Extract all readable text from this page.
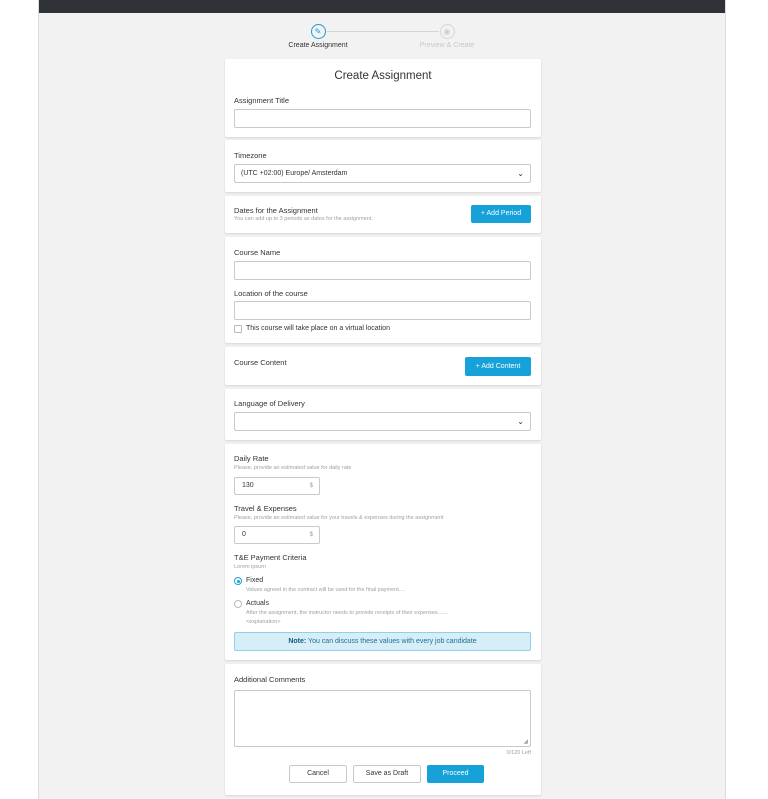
✎
Create Assignment
◉
Preview & Create
Create Assignment
Assignment Title
Timezone
(UTC +02:00) Europe/ Amsterdam	⌄
Dates for the Assignment
You can add up to 3 periods as dates for the assignment.
+ Add Period
Course Name
Location of the course
This course will take place on a virtual location
Course Content	+ Add Content
Language of Delivery
⌄
Daily Rate
Please, provide an estimated value for daily rate
130	$
Travel & Expenses
Please, provide an estimated value for your travels & expenses during the assignment
0	$
T&E Payment Criteria
Lorem ipsum
Fixed
Values agreed in the contract will be used for the final payment....
Actuals
After the assignment, the instructor needs to provide receipts of their expenses.......
<explanation>
Note: You can discuss these values with every job candidate
Additional Comments
◢
0/120 Left
Cancel	Save as Draft	Proceed
